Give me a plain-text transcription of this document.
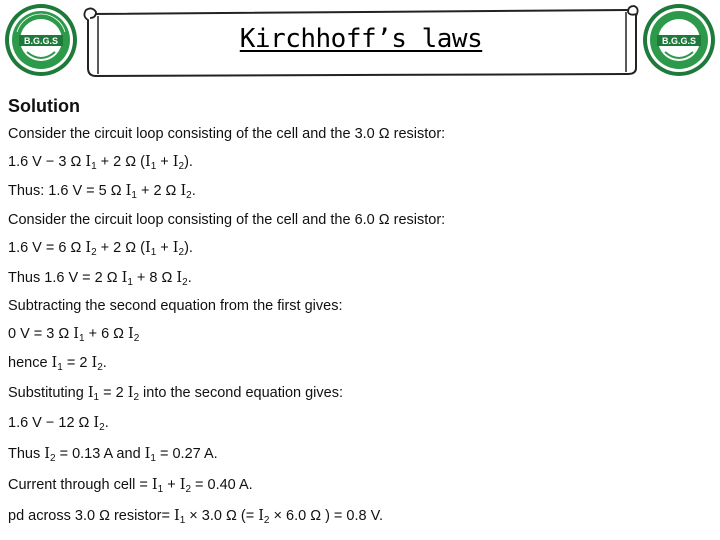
B.G.G.S	Kirchhoff’s laws	B.G.G.S
Solution
Consider the circuit loop consisting of the cell and the 3.0 Ω resistor:
1.6 V − 3 Ω $I_1 + 2$ Ω $(I_1 + I_2)$.
Thus: 1.6 V = 5 Ω $I_1 + 2$ Ω $I_2$.
Consider the circuit loop consisting of the cell and the 6.0 Ω resistor:
1.6 V = 6 Ω $I_2 + 2$ Ω $(I_1 + I_2)$.
Thus 1.6 V = 2 Ω $I_1 + 8$ Ω $I_2$.
Subtracting the second equation from the first gives:
0 V = 3 Ω $I_1 + 6$ Ω $I_2$
hence $I_1 = 2$ $I_2$.
Substituting $I_1 = 2$ $I_2$ into the second equation gives:
1.6 V − 12 Ω $I_2$.
Thus $I_2 = 0.13$ A and $I_1 = 0.27$ A.
Current through cell = $I_1 + I_2 = 0.40$ A.
pd across 3.0 Ω resistor= $I_1 \times 3.0$ Ω (= $I_2 \times 6.0$ Ω ) = 0.8 V.
